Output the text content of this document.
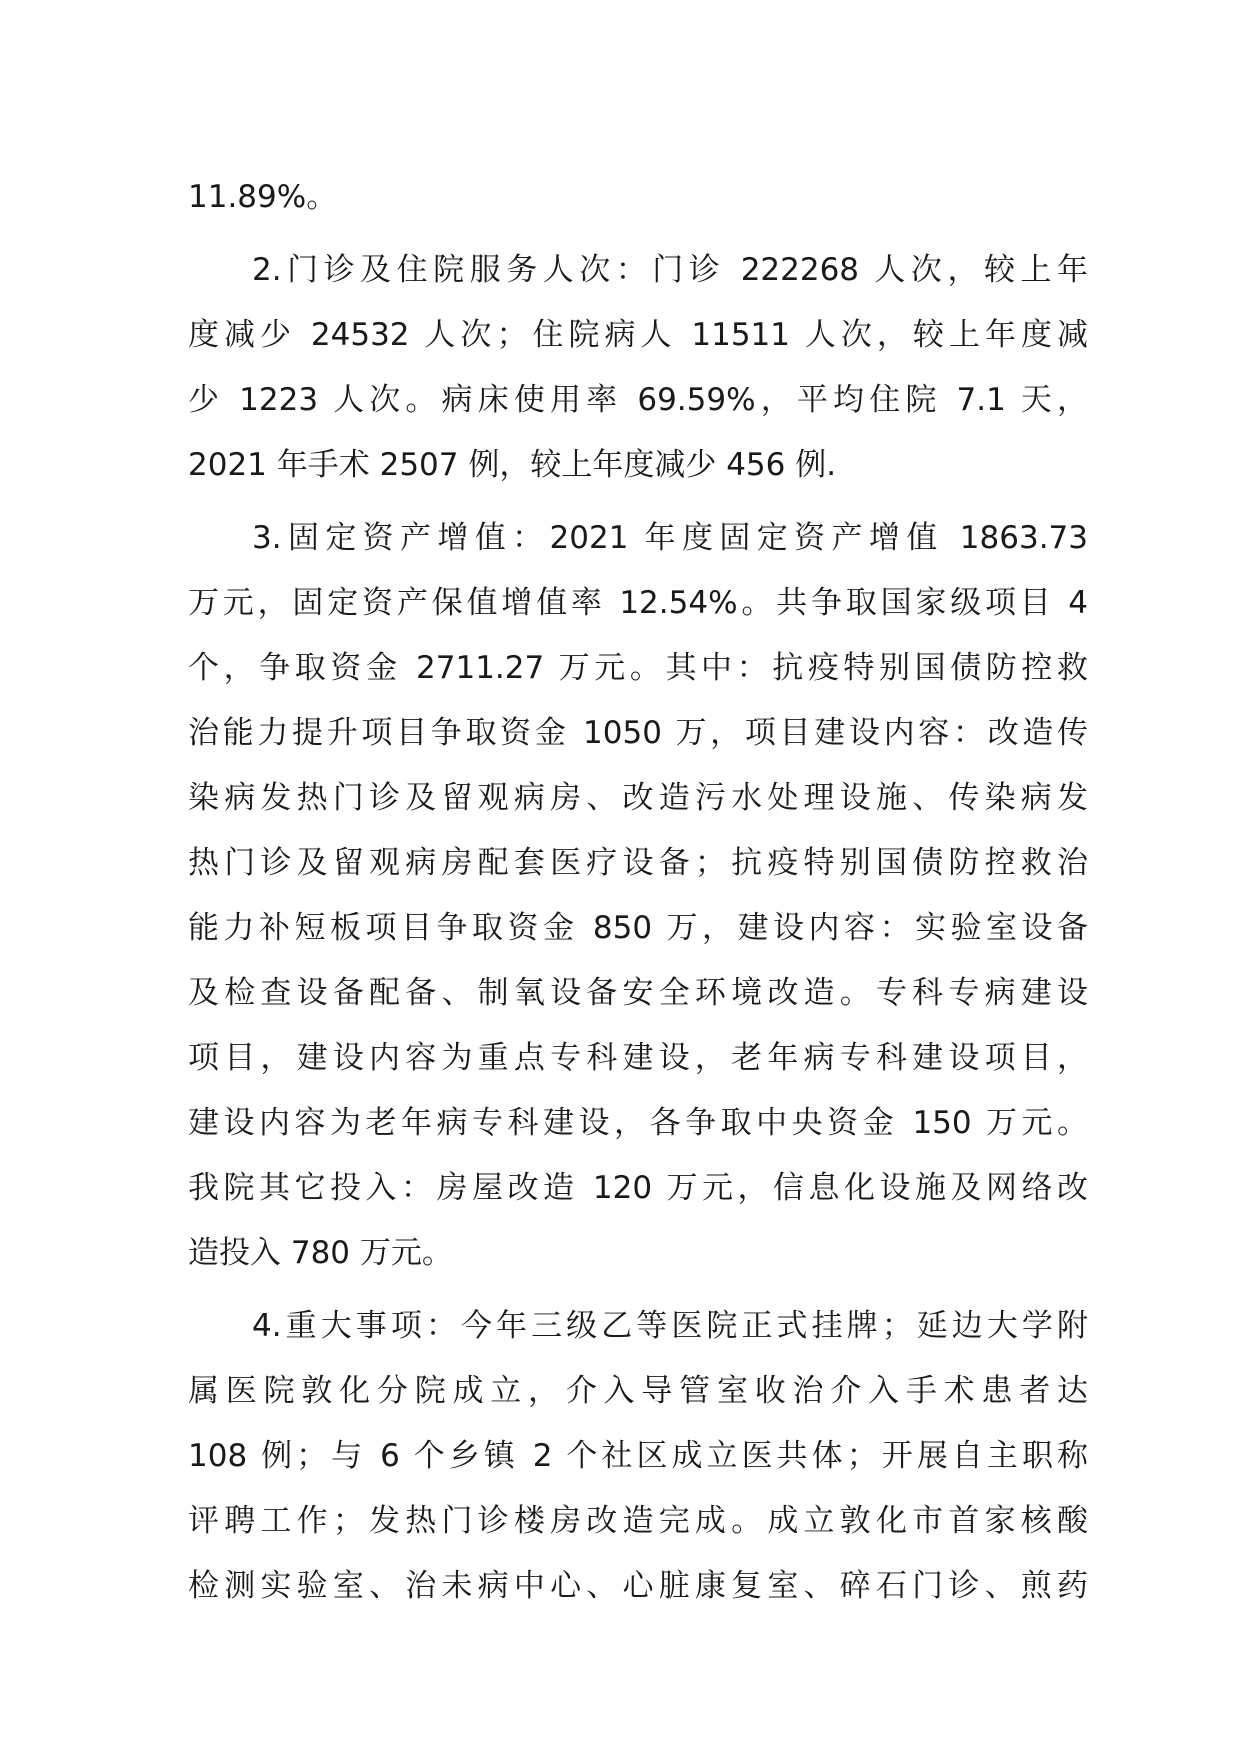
11.89%。
2.门诊及住院服务人次：门诊 222268 人次，较上年
度减少 24532 人次；住院病人 11511 人次，较上年度减
少 1223 人次。病床使用率 69.59%，平均住院 7.1 天，
2021 年手术 2507 例，较上年度减少 456 例.
3.固定资产增值：2021 年度固定资产增值 1863.73
万元，固定资产保值增值率 12.54%。共争取国家级项目 4
个，争取资金 2711.27 万元。其中：抗疫特别国债防控救
治能力提升项目争取资金 1050 万，项目建设内容：改造传
染病发热门诊及留观病房、改造污水处理设施、传染病发
热门诊及留观病房配套医疗设备；抗疫特别国债防控救治
能力补短板项目争取资金 850 万，建设内容：实验室设备
及检查设备配备、制氧设备安全环境改造。专科专病建设
项目，建设内容为重点专科建设，老年病专科建设项目，
建设内容为老年病专科建设，各争取中央资金 150 万元。
我院其它投入：房屋改造 120 万元，信息化设施及网络改
造投入 780 万元。
4.重大事项：今年三级乙等医院正式挂牌；延边大学附
属医院敦化分院成立，介入导管室收治介入手术患者达
108 例；与 6 个乡镇 2 个社区成立医共体；开展自主职称
评聘工作；发热门诊楼房改造完成。成立敦化市首家核酸
检测实验室、治未病中心、心脏康复室、碎石门诊、煎药
